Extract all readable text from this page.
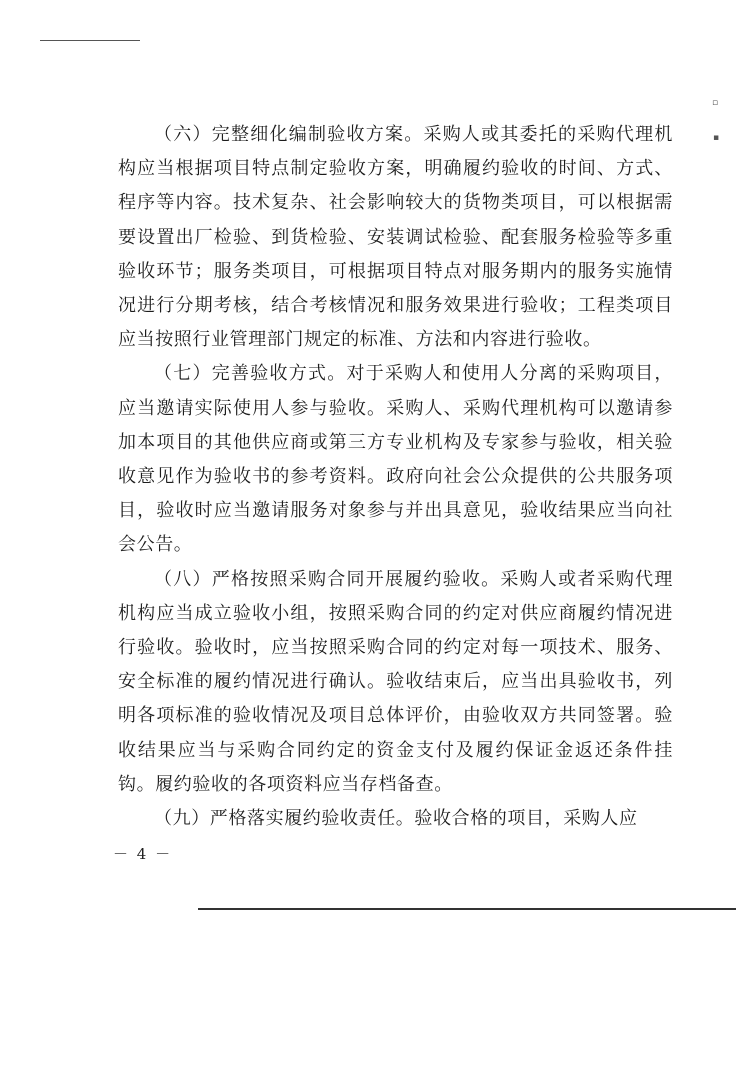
▫
▪

（六）完整细化编制验收方案。采购人或其委托的采购代理机构应当根据项目特点制定验收方案，明确履约验收的时间、方式、程序等内容。技术复杂、社会影响较大的货物类项目，可以根据需要设置出厂检验、到货检验、安装调试检验、配套服务检验等多重验收环节；服务类项目，可根据项目特点对服务期内的服务实施情况进行分期考核，结合考核情况和服务效果进行验收；工程类项目应当按照行业管理部门规定的标准、方法和内容进行验收。

（七）完善验收方式。对于采购人和使用人分离的采购项目，应当邀请实际使用人参与验收。采购人、采购代理机构可以邀请参加本项目的其他供应商或第三方专业机构及专家参与验收，相关验收意见作为验收书的参考资料。政府向社会公众提供的公共服务项目，验收时应当邀请服务对象参与并出具意见，验收结果应当向社会公告。

（八）严格按照采购合同开展履约验收。采购人或者采购代理机构应当成立验收小组，按照采购合同的约定对供应商履约情况进行验收。验收时，应当按照采购合同的约定对每一项技术、服务、安全标准的履约情况进行确认。验收结束后，应当出具验收书，列明各项标准的验收情况及项目总体评价，由验收双方共同签署。验收结果应当与采购合同约定的资金支付及履约保证金返还条件挂钩。履约验收的各项资料应当存档备查。

（九）严格落实履约验收责任。验收合格的项目，采购人应

－ 4 －
